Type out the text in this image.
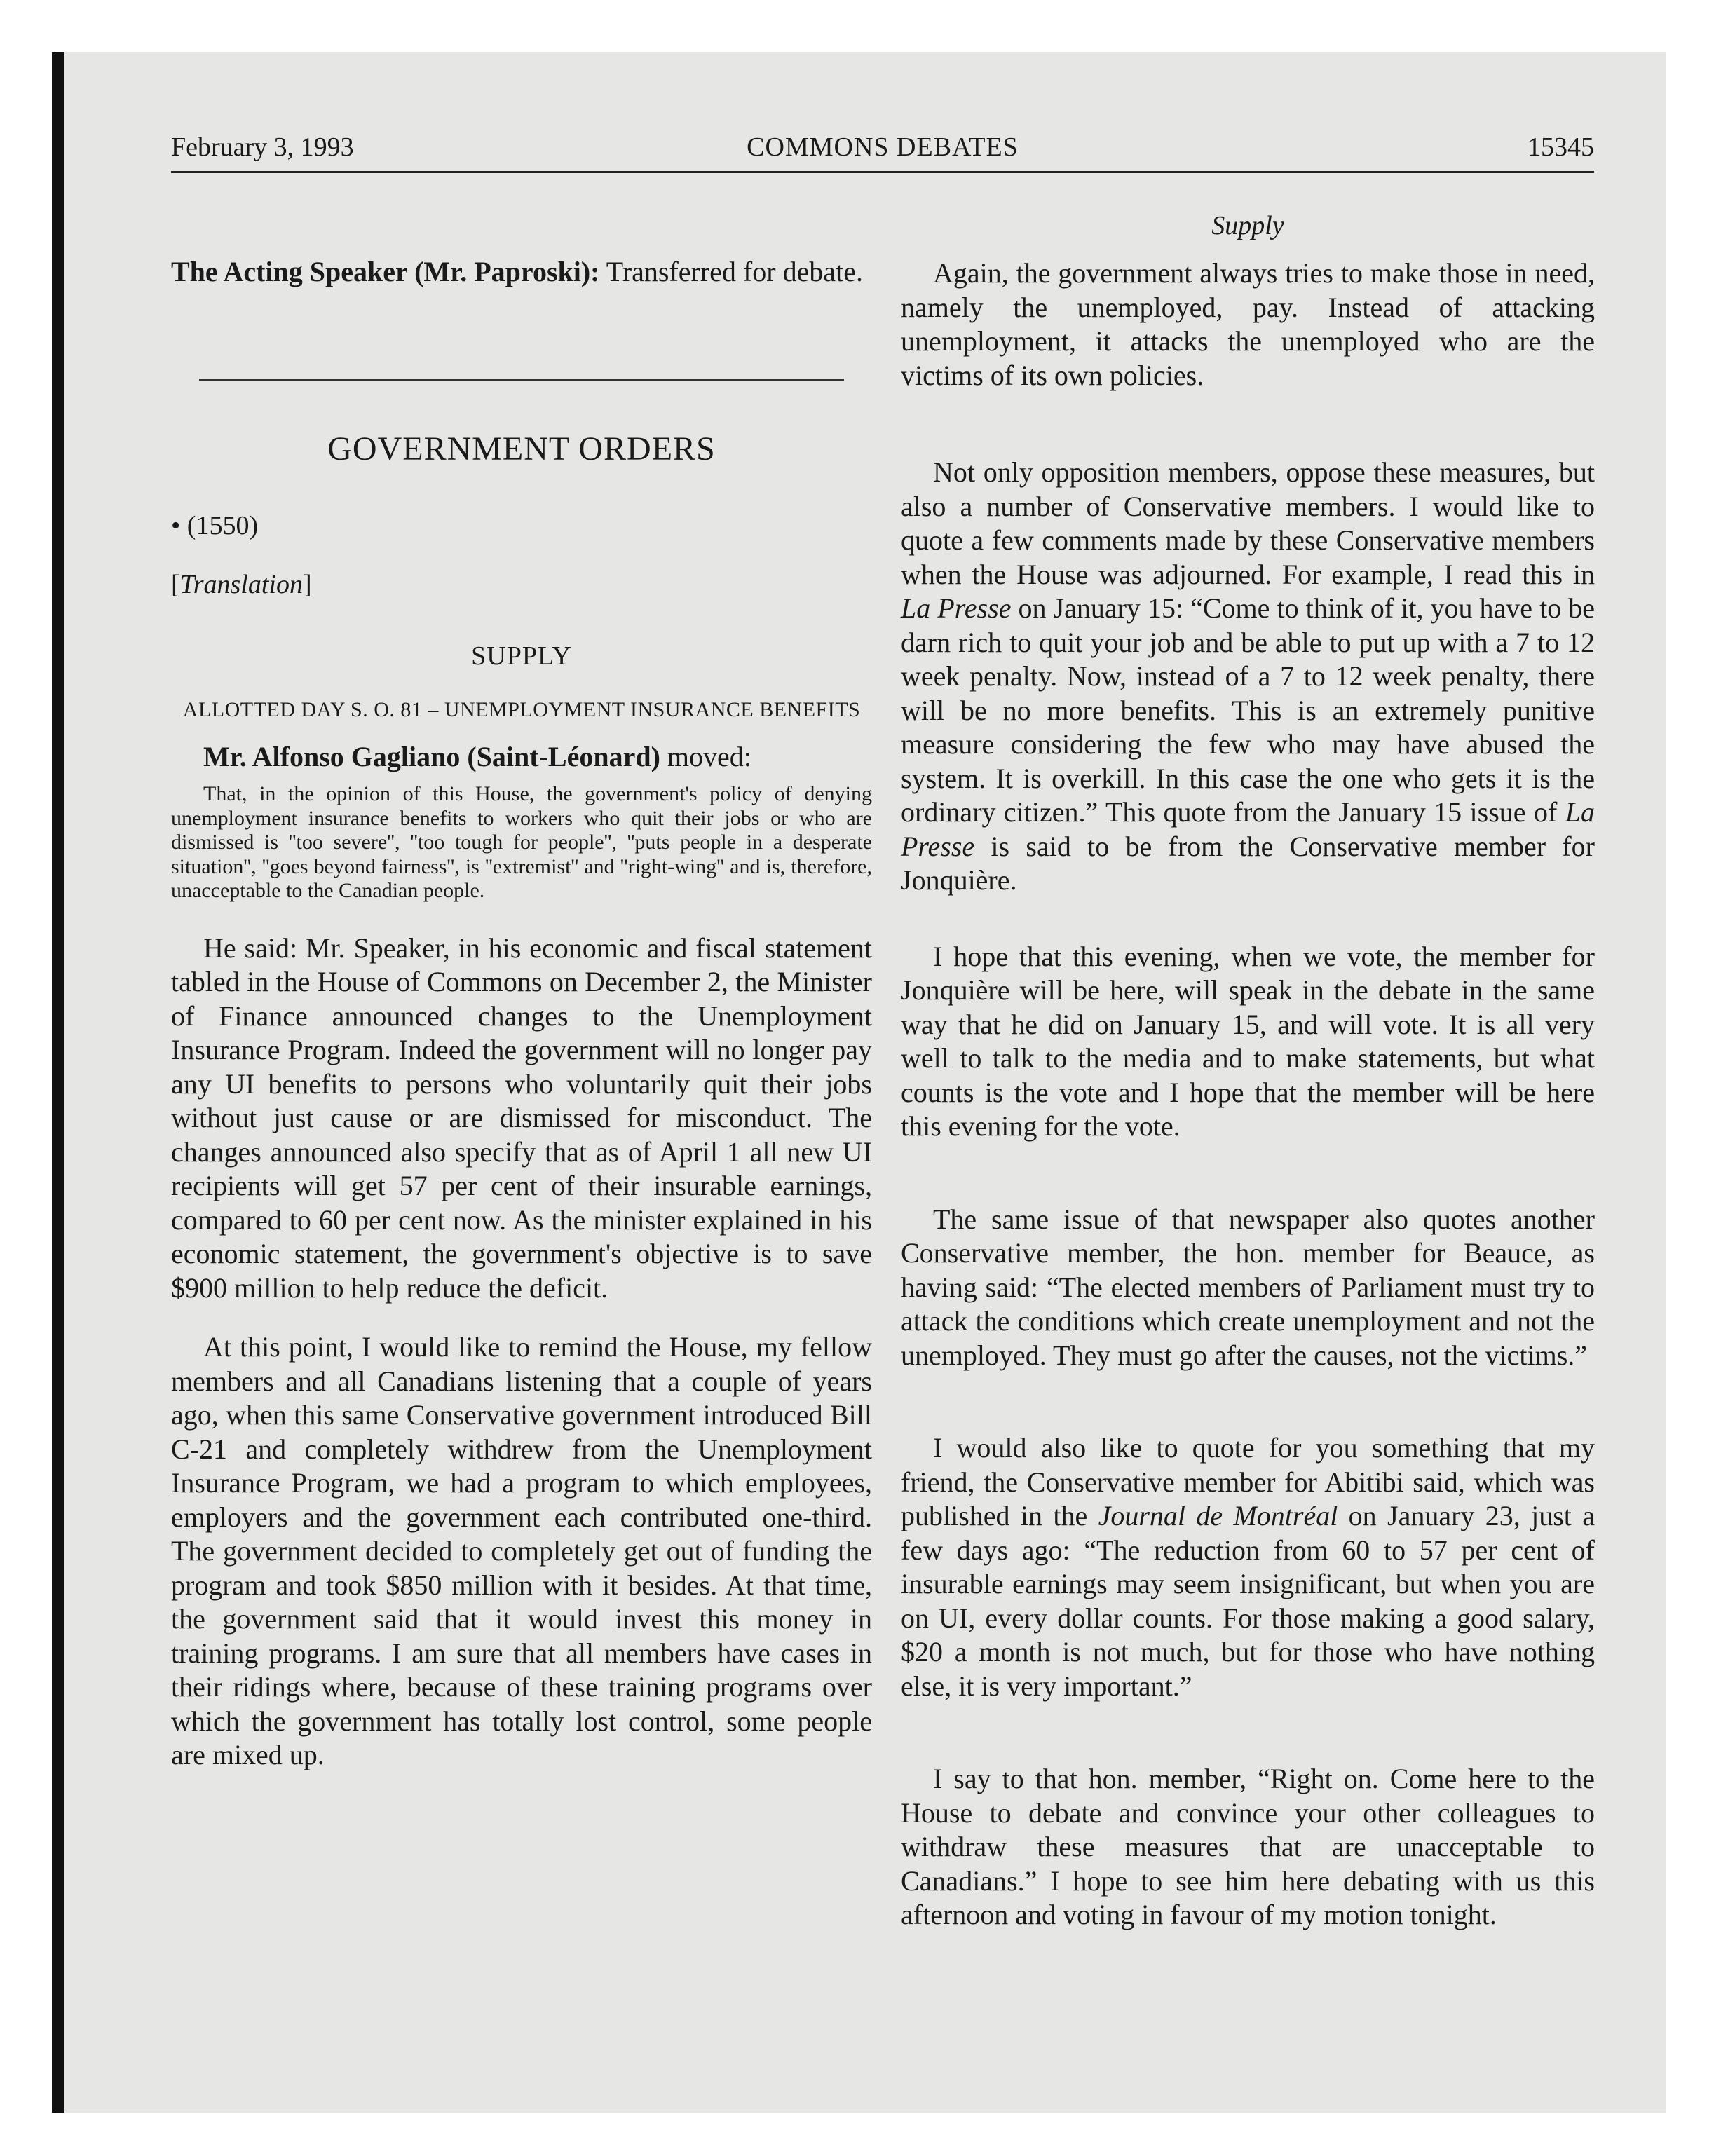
February 3, 1993	COMMONS DEBATES	15345

The Acting Speaker (Mr. Paproski): Transferred for debate.

GOVERNMENT ORDERS
• (1550)
[Translation]
SUPPLY
ALLOTTED DAY S. O. 81 – UNEMPLOYMENT INSURANCE BENEFITS

Mr. Alfonso Gagliano (Saint-Léonard) moved:

That, in the opinion of this House, the government's policy of denying unemployment insurance benefits to workers who quit their jobs or who are dismissed is ''too severe'', ''too tough for people'', ''puts people in a desperate situation'', ''goes beyond fairness'', is ''extremist'' and ''right-wing'' and is, therefore, unacceptable to the Canadian people.

He said: Mr. Speaker, in his economic and fiscal statement tabled in the House of Commons on December 2, the Minister of Finance announced changes to the Unemployment Insurance Program. Indeed the government will no longer pay any UI benefits to persons who voluntarily quit their jobs without just cause or are dismissed for misconduct. The changes announced also specify that as of April 1 all new UI recipients will get 57 per cent of their insurable earnings, compared to 60 per cent now. As the minister explained in his economic statement, the government's objective is to save $900 million to help reduce the deficit.

At this point, I would like to remind the House, my fellow members and all Canadians listening that a couple of years ago, when this same Conservative government introduced Bill C-21 and completely withdrew from the Unemployment Insurance Program, we had a program to which employees, employers and the government each contributed one-third. The government decided to completely get out of funding the program and took $850 million with it besides. At that time, the government said that it would invest this money in training programs. I am sure that all members have cases in their ridings where, because of these training programs over which the government has totally lost control, some people are mixed up.

Supply

Again, the government always tries to make those in need, namely the unemployed, pay. Instead of attacking unemployment, it attacks the unemployed who are the victims of its own policies.

Not only opposition members, oppose these measures, but also a number of Conservative members. I would like to quote a few comments made by these Conservative members when the House was adjourned. For example, I read this in La Presse on January 15: “Come to think of it, you have to be darn rich to quit your job and be able to put up with a 7 to 12 week penalty. Now, instead of a 7 to 12 week penalty, there will be no more benefits. This is an extremely punitive measure considering the few who may have abused the system. It is overkill. In this case the one who gets it is the ordinary citizen.” This quote from the January 15 issue of La Presse is said to be from the Conservative member for Jonquière.

I hope that this evening, when we vote, the member for Jonquière will be here, will speak in the debate in the same way that he did on January 15, and will vote. It is all very well to talk to the media and to make statements, but what counts is the vote and I hope that the member will be here this evening for the vote.

The same issue of that newspaper also quotes another Conservative member, the hon. member for Beauce, as having said: “The elected members of Parliament must try to attack the conditions which create unemployment and not the unemployed. They must go after the causes, not the victims.”

I would also like to quote for you something that my friend, the Conservative member for Abitibi said, which was published in the Journal de Montréal on January 23, just a few days ago: “The reduction from 60 to 57 per cent of insurable earnings may seem insignificant, but when you are on UI, every dollar counts. For those making a good salary, $20 a month is not much, but for those who have nothing else, it is very important.”

I say to that hon. member, “Right on. Come here to the House to debate and convince your other colleagues to withdraw these measures that are unacceptable to Canadians.” I hope to see him here debating with us this afternoon and voting in favour of my motion tonight.
